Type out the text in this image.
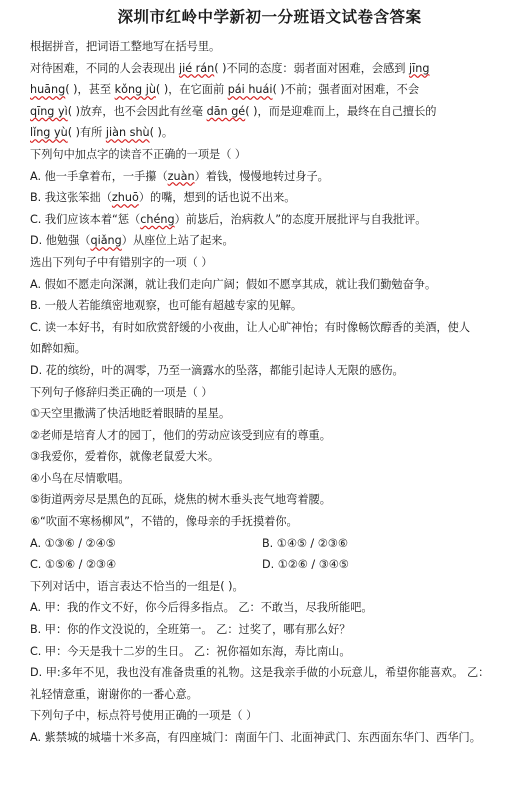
深圳市红岭中学新初一分班语文试卷含答案
根据拼音，把词语工整地写在括号里。
对待困难，不同的人会表现出 jié rán( )不同的态度：弱者面对困难，会感到 jīng
huāng( )，甚至 kǒng jù( )，在它面前 pái huái( )不前；强者面对困难，不会
qīng yì( )放弃，也不会因此有丝毫 dān gé( )，而是迎难而上，最终在自己擅长的
lǐng yù( )有所 jiàn shù( )。
下列句中加点字的读音不正确的一项是（ ）
A. 他一手拿着布，一手攥（zuàn）着钱，慢慢地转过身子。
B. 我这张笨拙（zhuō）的嘴，想到的话也说不出来。
C. 我们应该本着“惩（chéng）前毖后，治病救人”的态度开展批评与自我批评。
D. 他勉强（qiǎng）从座位上站了起来。
选出下列句子中有错别字的一项（ ）
A. 假如不愿走向深渊，就让我们走向广阔；假如不愿享其成，就让我们勤勉奋争。
B. 一般人若能缜密地观察，也可能有超越专家的见解。
C. 读一本好书，有时如欣赏舒缓的小夜曲，让人心旷神怡；有时像畅饮醇香的美酒，使人
如醉如痴。
D. 花的缤纷，叶的凋零，乃至一滴露水的坠落，都能引起诗人无限的感伤。
下列句子修辞归类正确的一项是（ ）
①天空里撒满了快活地眨着眼睛的星星。
②老师是培育人才的园丁，他们的劳动应该受到应有的尊重。
③我爱你，爱着你，就像老鼠爱大米。
④小鸟在尽情歌唱。
⑤街道两旁尽是黑色的瓦砾，烧焦的树木垂头丧气地弯着腰。
⑥“吹面不寒杨柳风”，不错的，像母亲的手抚摸着你。
A. ①③⑥ / ②④⑤	B. ①④⑤ / ②③⑥
C. ①⑤⑥ / ②③④	D. ①②⑥ / ③④⑤
下列对话中，语言表达不恰当的一组是( )。
A. 甲：我的作文不好，你今后得多指点。 乙：不敢当，尽我所能吧。
B. 甲：你的作文没说的，全班第一。 乙：过奖了，哪有那么好？
C. 甲：今天是我十二岁的生日。 乙：祝你福如东海，寿比南山。
D. 甲:多年不见，我也没有准备贵重的礼物。这是我亲手做的小玩意儿，希望你能喜欢。 乙：
礼轻情意重，谢谢你的一番心意。
下列句子中，标点符号使用正确的一项是（ ）
A. 紫禁城的城墙十米多高，有四座城门：南面午门、北面神武门、东西面东华门、西华门。
